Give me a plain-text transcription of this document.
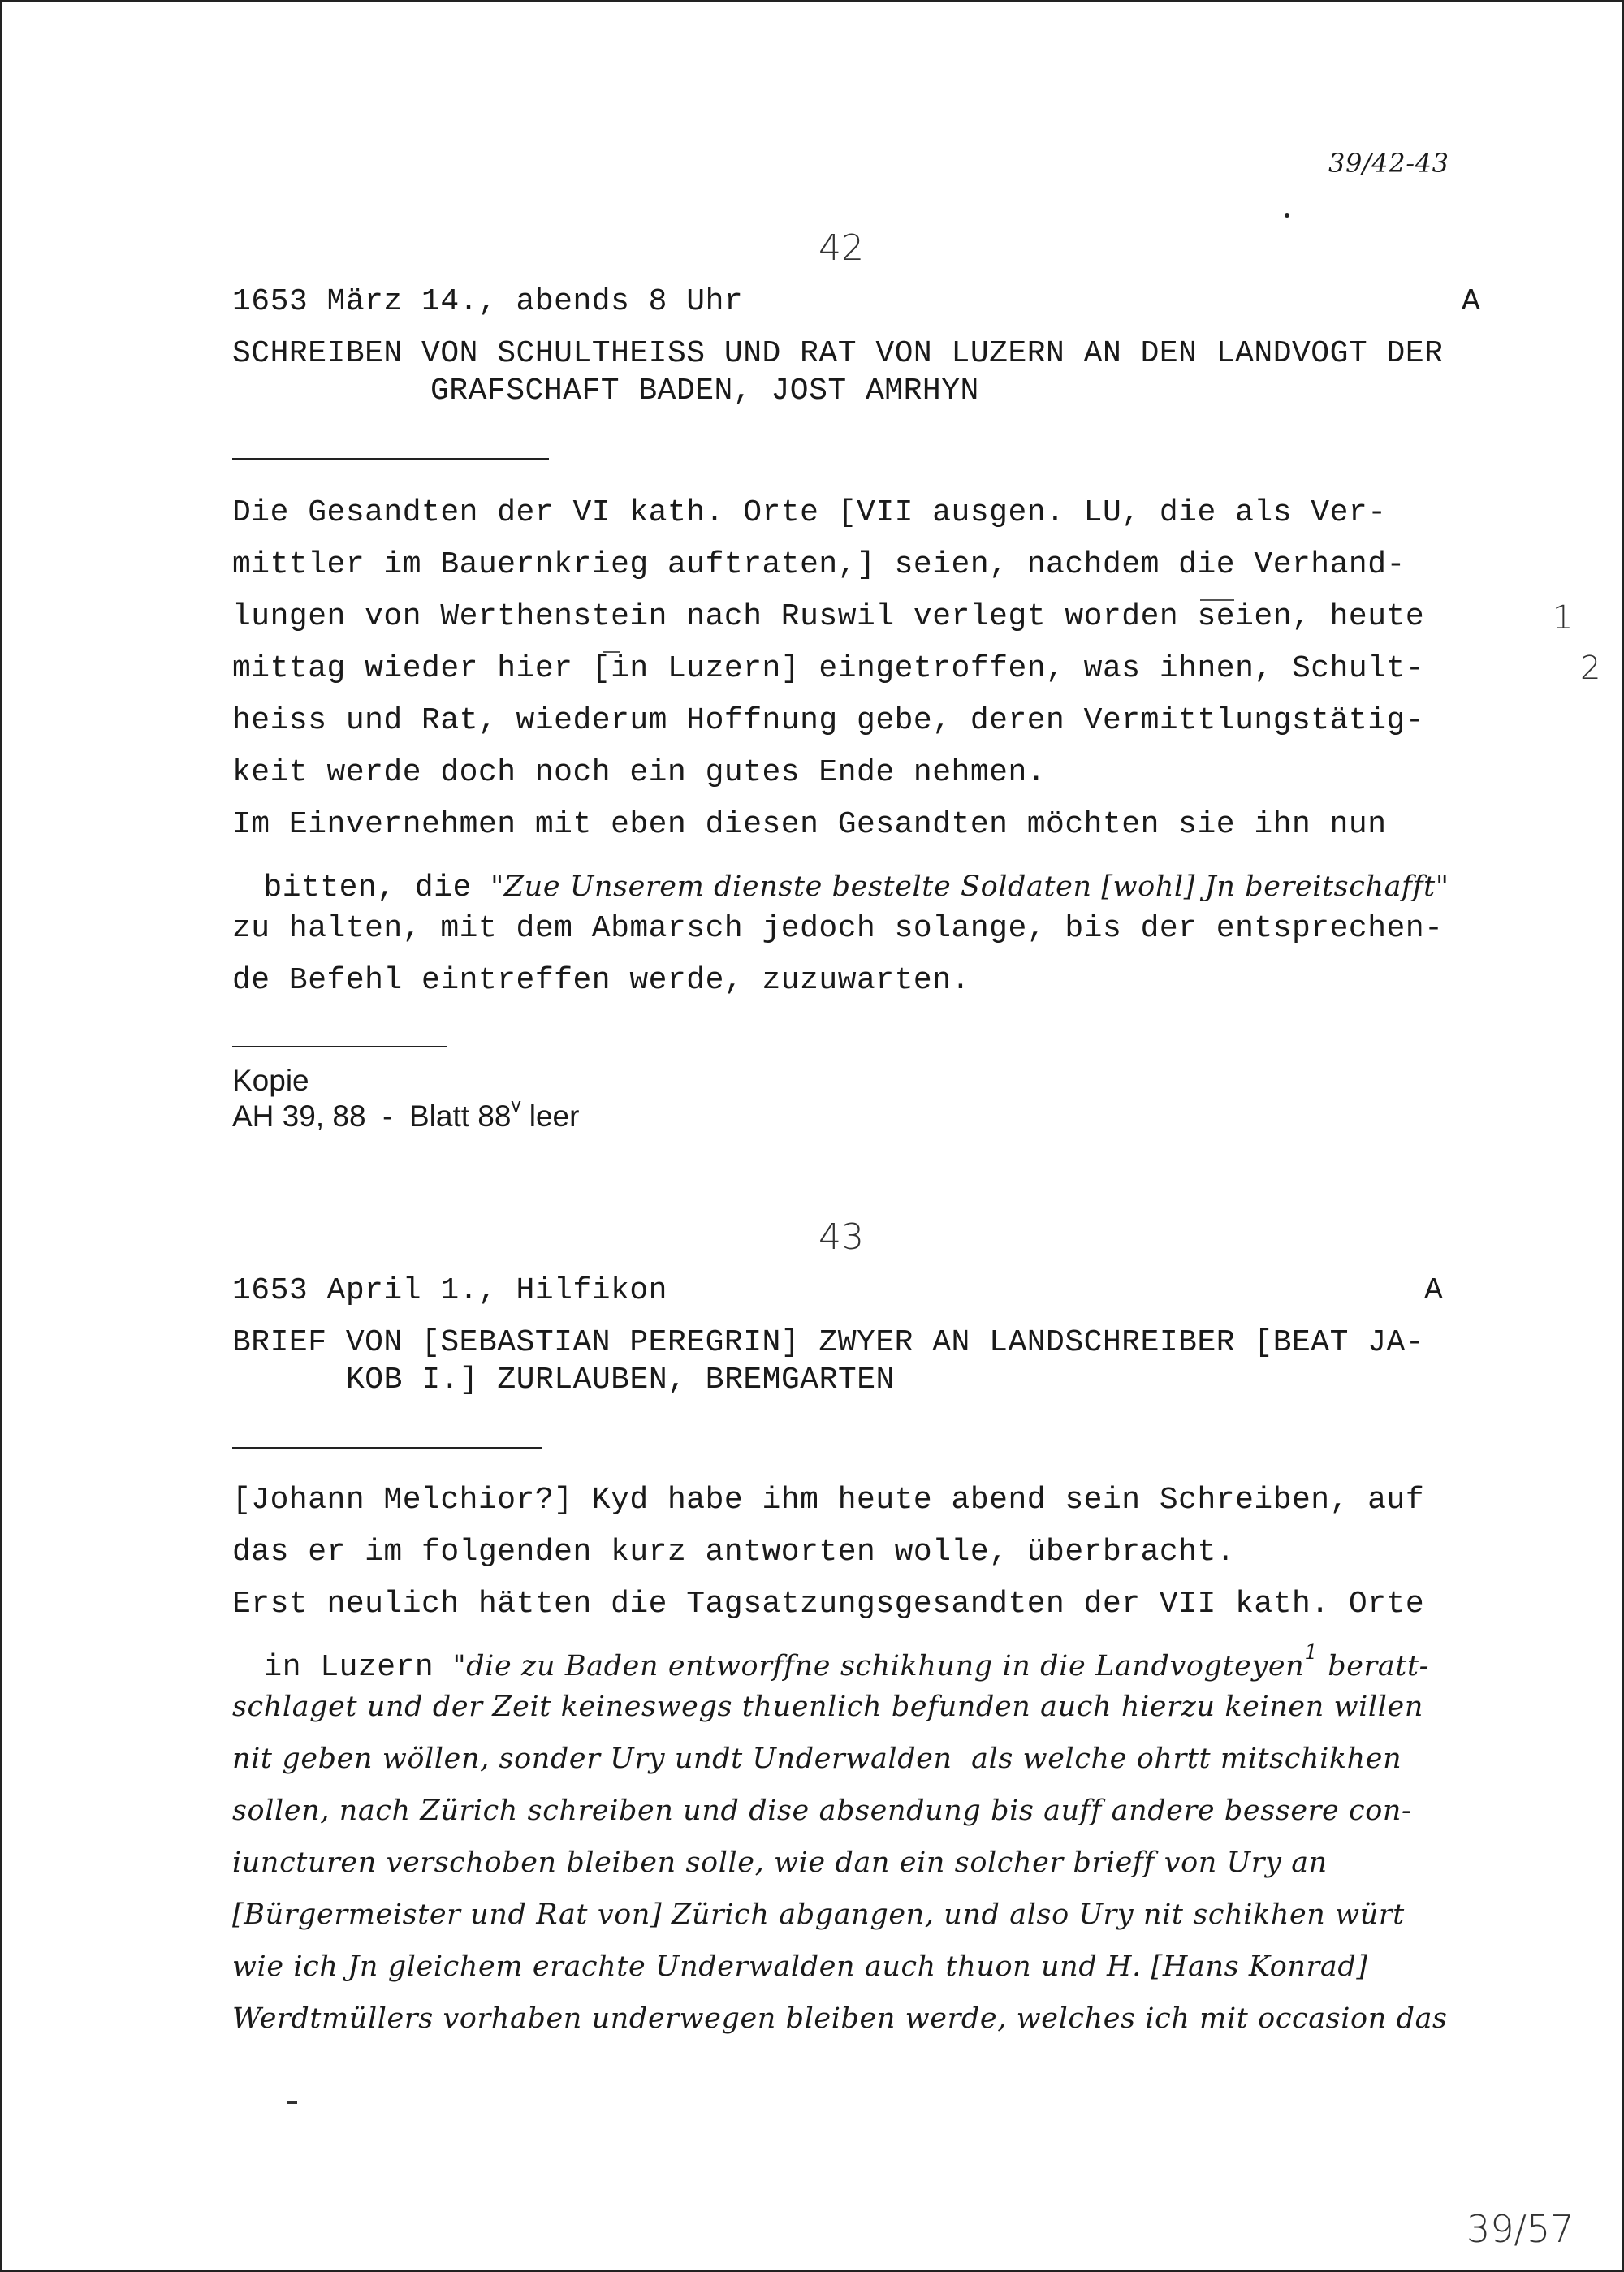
39/42-43
42
1653 März 14., abends 8 Uhr	A
SCHREIBEN VON SCHULTHEISS UND RAT VON LUZERN AN DEN LANDVOGT DER
GRAFSCHAFT BADEN, JOST AMRHYN
Die Gesandten der VI kath. Orte [VII ausgen. LU, die als Ver-
mittler im Bauernkrieg auftraten,] seien, nachdem die Verhand-
lungen von Werthenstein nach Ruswil verlegt worden seien, heute
mittag wieder hier [in Luzern] eingetroffen, was ihnen, Schult-
heiss und Rat, wiederum Hoffnung gebe, deren Vermittlungstätig-
keit werde doch noch ein gutes Ende nehmen.
Im Einvernehmen mit eben diesen Gesandten möchten sie ihn nun

bitten, die "Zue Unserem dienste bestelte Soldaten [wohl] Jn bereitschafft"

zu halten, mit dem Abmarsch jedoch solange, bis der entsprechen-
de Befehl eintreffen werde, zuzuwarten.
1
2
Kopie
AH 39, 88  -  Blatt 88$^v$ leer
43
1653 April 1., Hilfikon	A
BRIEF VON [SEBASTIAN PEREGRIN] ZWYER AN LANDSCHREIBER [BEAT JA-
KOB I.] ZURLAUBEN, BREMGARTEN
[Johann Melchior?] Kyd habe ihm heute abend sein Schreiben, auf
das er im folgenden kurz antworten wolle, überbracht.
Erst neulich hätten die Tagsatzungsgesandten der VII kath. Orte

in Luzern "die zu Baden entworffne schikhung in die Landvogteyen1 beratt-

schlaget und der Zeit keineswegs thuenlich befunden auch hierzu keinen willen
nit geben wöllen, sonder Ury undt Underwalden  als welche ohrtt mitschikhen
sollen, nach Zürich schreiben und dise absendung bis auff andere bessere con-
iuncturen verschoben bleiben solle, wie dan ein solcher brieff von Ury an
[Bürgermeister und Rat von] Zürich abgangen, und also Ury nit schikhen würt
wie ich Jn gleichem erachte Underwalden auch thuon und H. [Hans Konrad]
Werdtmüllers vorhaben underwegen bleiben werde, welches ich mit occasion das
39/57
